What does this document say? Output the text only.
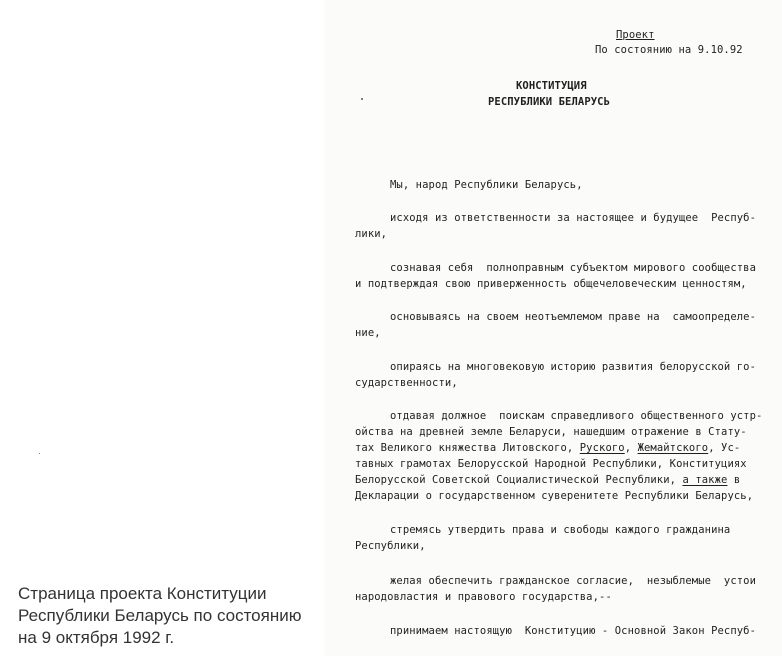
Проект
По состоянию на 9.10.92
КОНСТИТУЦИЯ
РЕСПУБЛИКИ БЕЛАРУСЬ
Мы, народ Республики Беларусь,
исходя из ответственности за настоящее и будущее  Респуб-
лики,
сознавая себя  полноправным субъектом мирового сообщества
и подтверждая свою приверженность общечеловеческим ценностям,
основываясь на своем неотъемлемом праве на  самоопределе-
ние,
опираясь на многовековую историю развития белорусской го-
сударственности,
отдавая должное  поискам справедливого общественного устр-
ойства на древней земле Беларуси, нашедшим отражение в Стату-
тах Великого княжества Литовского, Руского, Жемайтского, Ус-
тавных грамотах Белорусской Народной Республики, Конституциях
Белорусской Советской Социалистической Республики, а также в
Декларации о государственном суверенитете Республики Беларусь,
стремясь утвердить права и свободы каждого гражданина
Республики,
желая обеспечить гражданское согласие,  незыблемые  устои
народовластия и правового государства,--
принимаем настоящую  Конституцию - Основной Закон Респуб-
Страница проекта Конституции
Республики Беларусь по состоянию
на 9 октября 1992 г.
